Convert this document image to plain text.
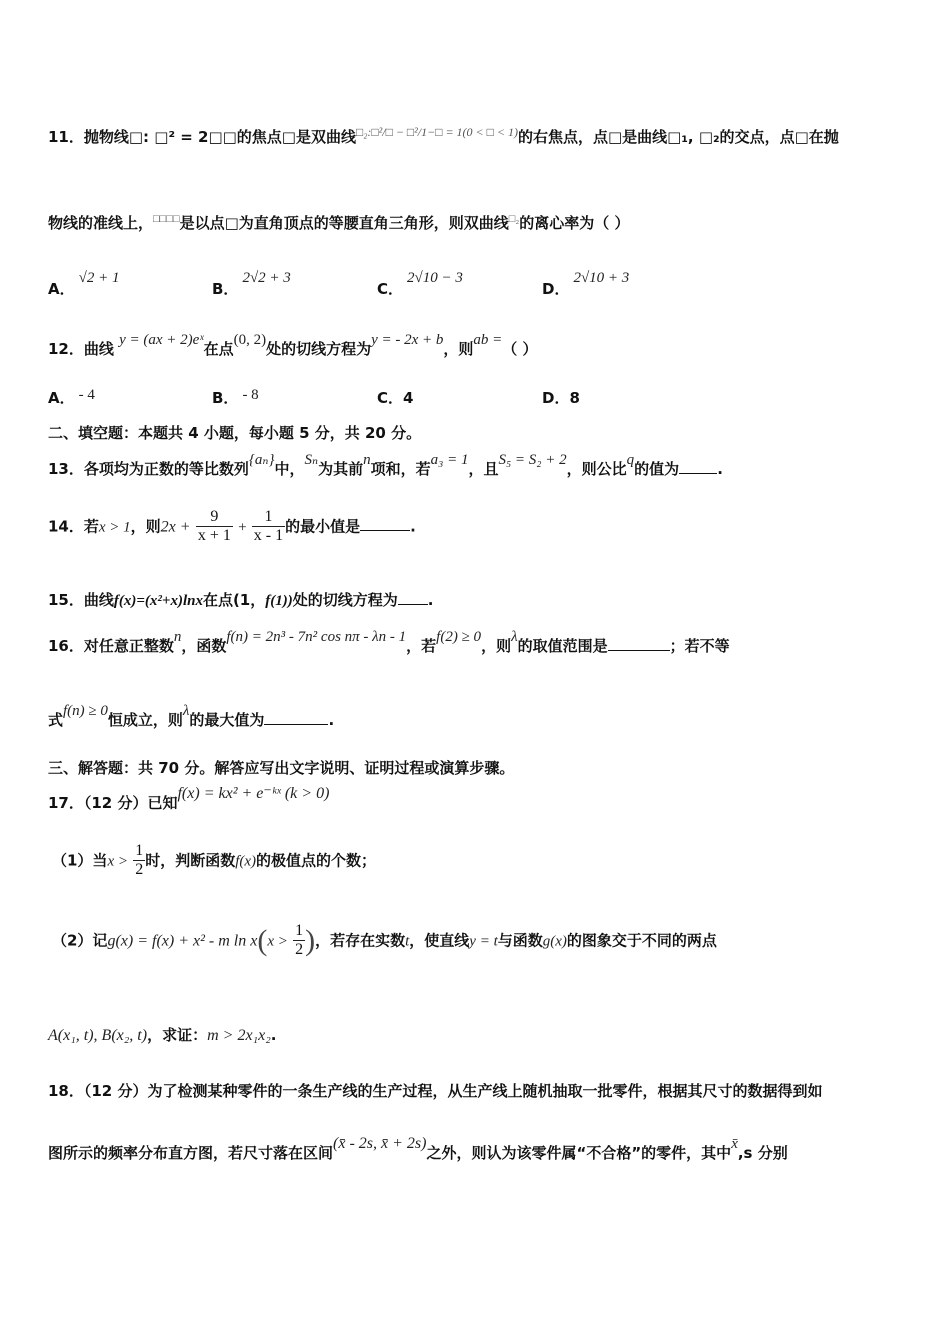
11．抛物线□: □² = 2□□的焦点□是双曲线$^{□_2:□^2/□ - □^2/1-□ = 1(0 < □ < 1)}$的右焦点，点□是曲线□₁, □₂的交点，点□在抛
物线的准线上，□□□□是以点□为直角顶点的等腰直角三角形，则双曲线$^{□_2}$的离心率为（ ）
A．√2 + 1
B．2√2 + 3
C．2√10 − 3
D．2√10 + 3
12．曲线 y = (ax + 2)eˣ在点(0, 2)处的切线方程为y = - 2x + b，则ab =（ ）
A． - 4	B． - 8	C．4	D．8
二、填空题：本题共 4 小题，每小题 5 分，共 20 分。
13．各项均为正数的等比数列{aₙ}中，Sₙ为其前n项和，若a₃ = 1，且S₅ = S₂ + 2，则公比q的值为	.
14．若x > 1，则$2x + \frac{9}{x + 1} + \frac{1}{x - 1}$ 的最小值是	.
15．曲线f(x)=(x²+x)lnx在点(1，f(1))处的切线方程为 .
16．对任意正整数n，函数f(n) = 2n³ - 7n² cos nπ - λn - 1，若f(2) ≥ 0，则λ的取值范围是	；若不等
式f(n) ≥ 0恒成立，则λ的最大值为	.
三、解答题：共 70 分。解答应写出文字说明、证明过程或演算步骤。
17．（12 分）已知f(x) = kx² + e⁻ᵏˣ (k > 0)
（1）当$x > \frac{1}{2}$ 时，判断函数f(x)的极值点的个数；
（2）记g(x) = f(x) + x² - m $\ln x(x > \frac{1}{2}$ )，若存在实数t，使直线y = t与函数g(x)的图象交于不同的两点
A(x₁, t), B(x₂, t)，求证：m > 2x₁x₂.
18．（12 分）为了检测某种零件的一条生产线的生产过程，从生产线上随机抽取一批零件，根据其尺寸的数据得到如
图所示的频率分布直方图，若尺寸落在区间(x̄ - 2s, x̄ + 2s)之外，则认为该零件属“不合格”的零件，其中x̄,s 分别
